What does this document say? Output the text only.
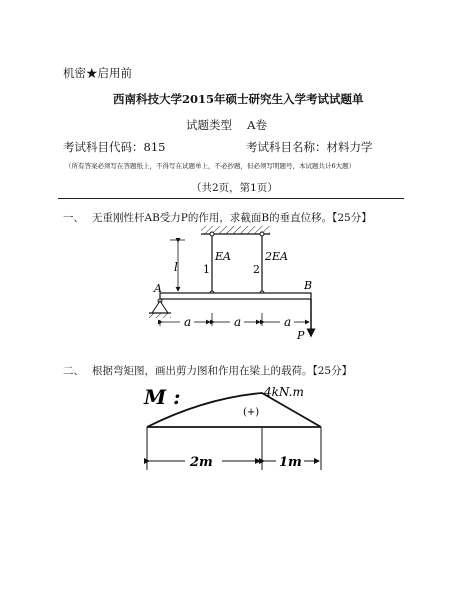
机密★启用前
西南科技大学2015年硕士研究生入学考试试题单
试题类型　 A卷
考试科目代码：815	考试科目名称：材料力学
（所有答案必须写在答题纸上，不得写在试题单上，不必抄题，但必须写明题号，本试题共计6大题）
（共2页，第1页）
一、 无重刚性杆AB受力P的作用，求截面B的垂直位移。【25分】
二、 根据弯矩图，画出剪力图和作用在梁上的载荷。【25分】
A	B
l 1	2
EA	2EA
a	a	a
P
M :	4kN.m
(+)
2m	1m
